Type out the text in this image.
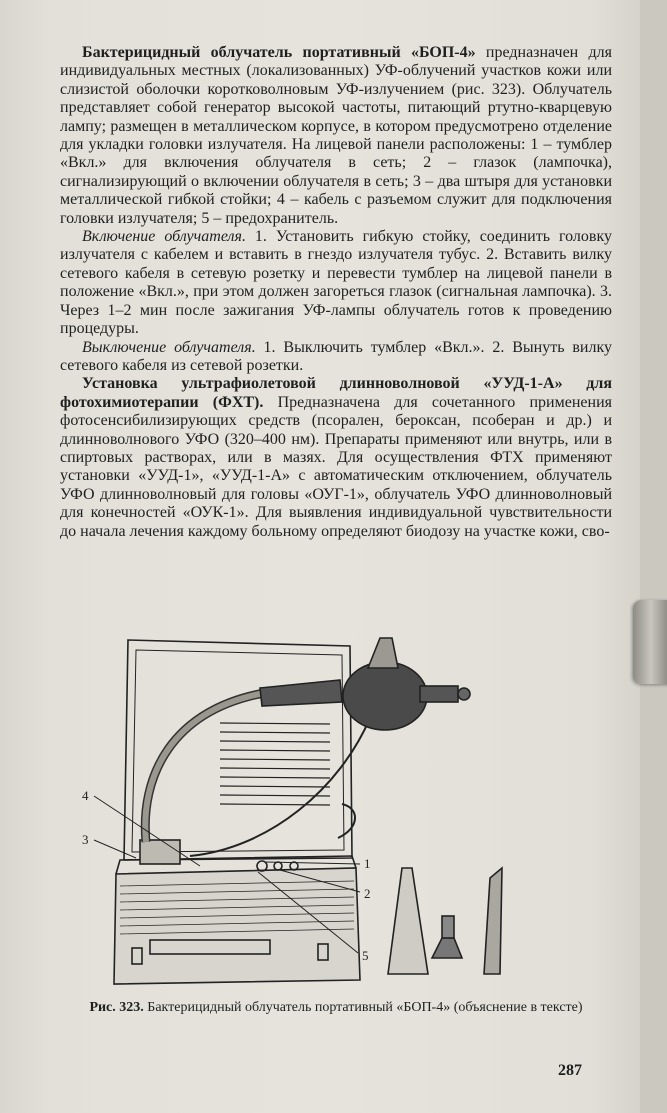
Бактерицидный облучатель портативный «БОП-4» предназначен для индивидуальных местных (локализованных) УФ-облучений участков кожи или слизистой оболочки коротковолновым УФ-излучением (рис. 323). Облучатель представляет собой генератор высокой частоты, питающий ртутно-кварцевую лампу; размещен в металлическом корпусе, в котором предусмотрено отделение для укладки головки излучателя. На лицевой панели расположены: 1 – тумблер «Вкл.» для включения облучателя в сеть; 2 – глазок (лампочка), сигнализирующий о включении облучателя в сеть; 3 – два штыря для установки металлической гибкой стойки; 4 – кабель с разъемом служит для подключения головки излучателя; 5 – предохранитель.

Включение облучателя. 1. Установить гибкую стойку, соединить головку излучателя с кабелем и вставить в гнездо излучателя тубус. 2. Вставить вилку сетевого кабеля в сетевую розетку и перевести тумблер на лицевой панели в положение «Вкл.», при этом должен загореться глазок (сигнальная лампочка). 3. Через 1–2 мин после зажигания УФ-лампы облучатель готов к проведению процедуры.

Выключение облучателя. 1. Выключить тумблер «Вкл.». 2. Вынуть вилку сетевого кабеля из сетевой розетки.

Установка ультрафиолетовой длинноволновой «УУД-1-А» для фотохимиотерапии (ФХТ). Предназначена для сочетанного применения фотосенсибилизирующих средств (псорален, бероксан, псоберан и др.) и длинноволнового УФО (320–400 нм). Препараты применяют или внутрь, или в спиртовых растворах, или в мазях. Для осуществления ФТХ применяют установки «УУД-1», «УУД-1-А» с автоматическим отключением, облучатель УФО длинноволновый для головы «ОУГ-1», облучатель УФО длинноволновый для конечностей «ОУК-1». Для выявления индивидуальной чувствительности до начала лечения каждому больному определяют биодозу на участке кожи, сво-

4
3
1
2
5
Рис. 323. Бактерицидный облучатель портативный «БОП-4» (объяснение в тексте)
287
